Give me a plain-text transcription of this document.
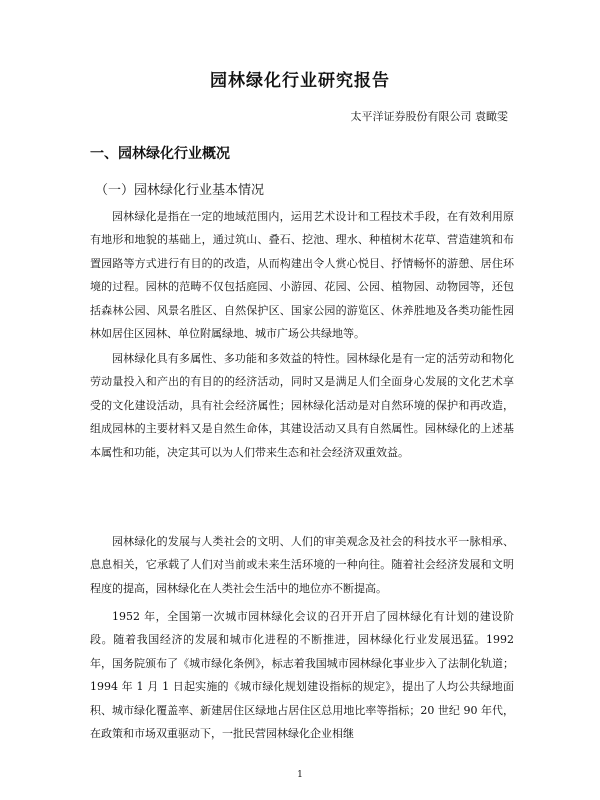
园林绿化行业研究报告
太平洋证券股份有限公司 袁瞰雯
一、园林绿化行业概况
（一）园林绿化行业基本情况

园林绿化是指在一定的地域范围内，运用艺术设计和工程技术手段，在有效利用原有地形和地貌的基础上，通过筑山、叠石、挖池、理水、种植树木花草、营造建筑和布置园路等方式进行有目的的改造，从而构建出令人赏心悦目、抒情畅怀的游憩、居住环境的过程。园林的范畴不仅包括庭园、小游园、花园、公园、植物园、动物园等，还包括森林公园、风景名胜区、自然保护区、国家公园的游览区、休养胜地及各类功能性园林如居住区园林、单位附属绿地、城市广场公共绿地等。

园林绿化具有多属性、多功能和多效益的特性。园林绿化是有一定的活劳动和物化劳动量投入和产出的有目的的经济活动，同时又是满足人们全面身心发展的文化艺术享受的文化建设活动，具有社会经济属性；园林绿化活动是对自然环境的保护和再改造，组成园林的主要材料又是自然生命体，其建设活动又具有自然属性。园林绿化的上述基本属性和功能，决定其可以为人们带来生态和社会经济双重效益。

园林绿化的发展与人类社会的文明、人们的审美观念及社会的科技水平一脉相承、息息相关，它承载了人们对当前或未来生活环境的一种向往。随着社会经济发展和文明程度的提高，园林绿化在人类社会生活中的地位亦不断提高。

1952 年，全国第一次城市园林绿化会议的召开开启了园林绿化有计划的建设阶段。随着我国经济的发展和城市化进程的不断推进，园林绿化行业发展迅猛。1992 年，国务院颁布了《城市绿化条例》，标志着我国城市园林绿化事业步入了法制化轨道；1994 年 1 月 1 日起实施的《城市绿化规划建设指标的规定》，提出了人均公共绿地面积、城市绿化覆盖率、新建居住区绿地占居住区总用地比率等指标；20 世纪 90 年代，在政策和市场双重驱动下，一批民营园林绿化企业相继

1
